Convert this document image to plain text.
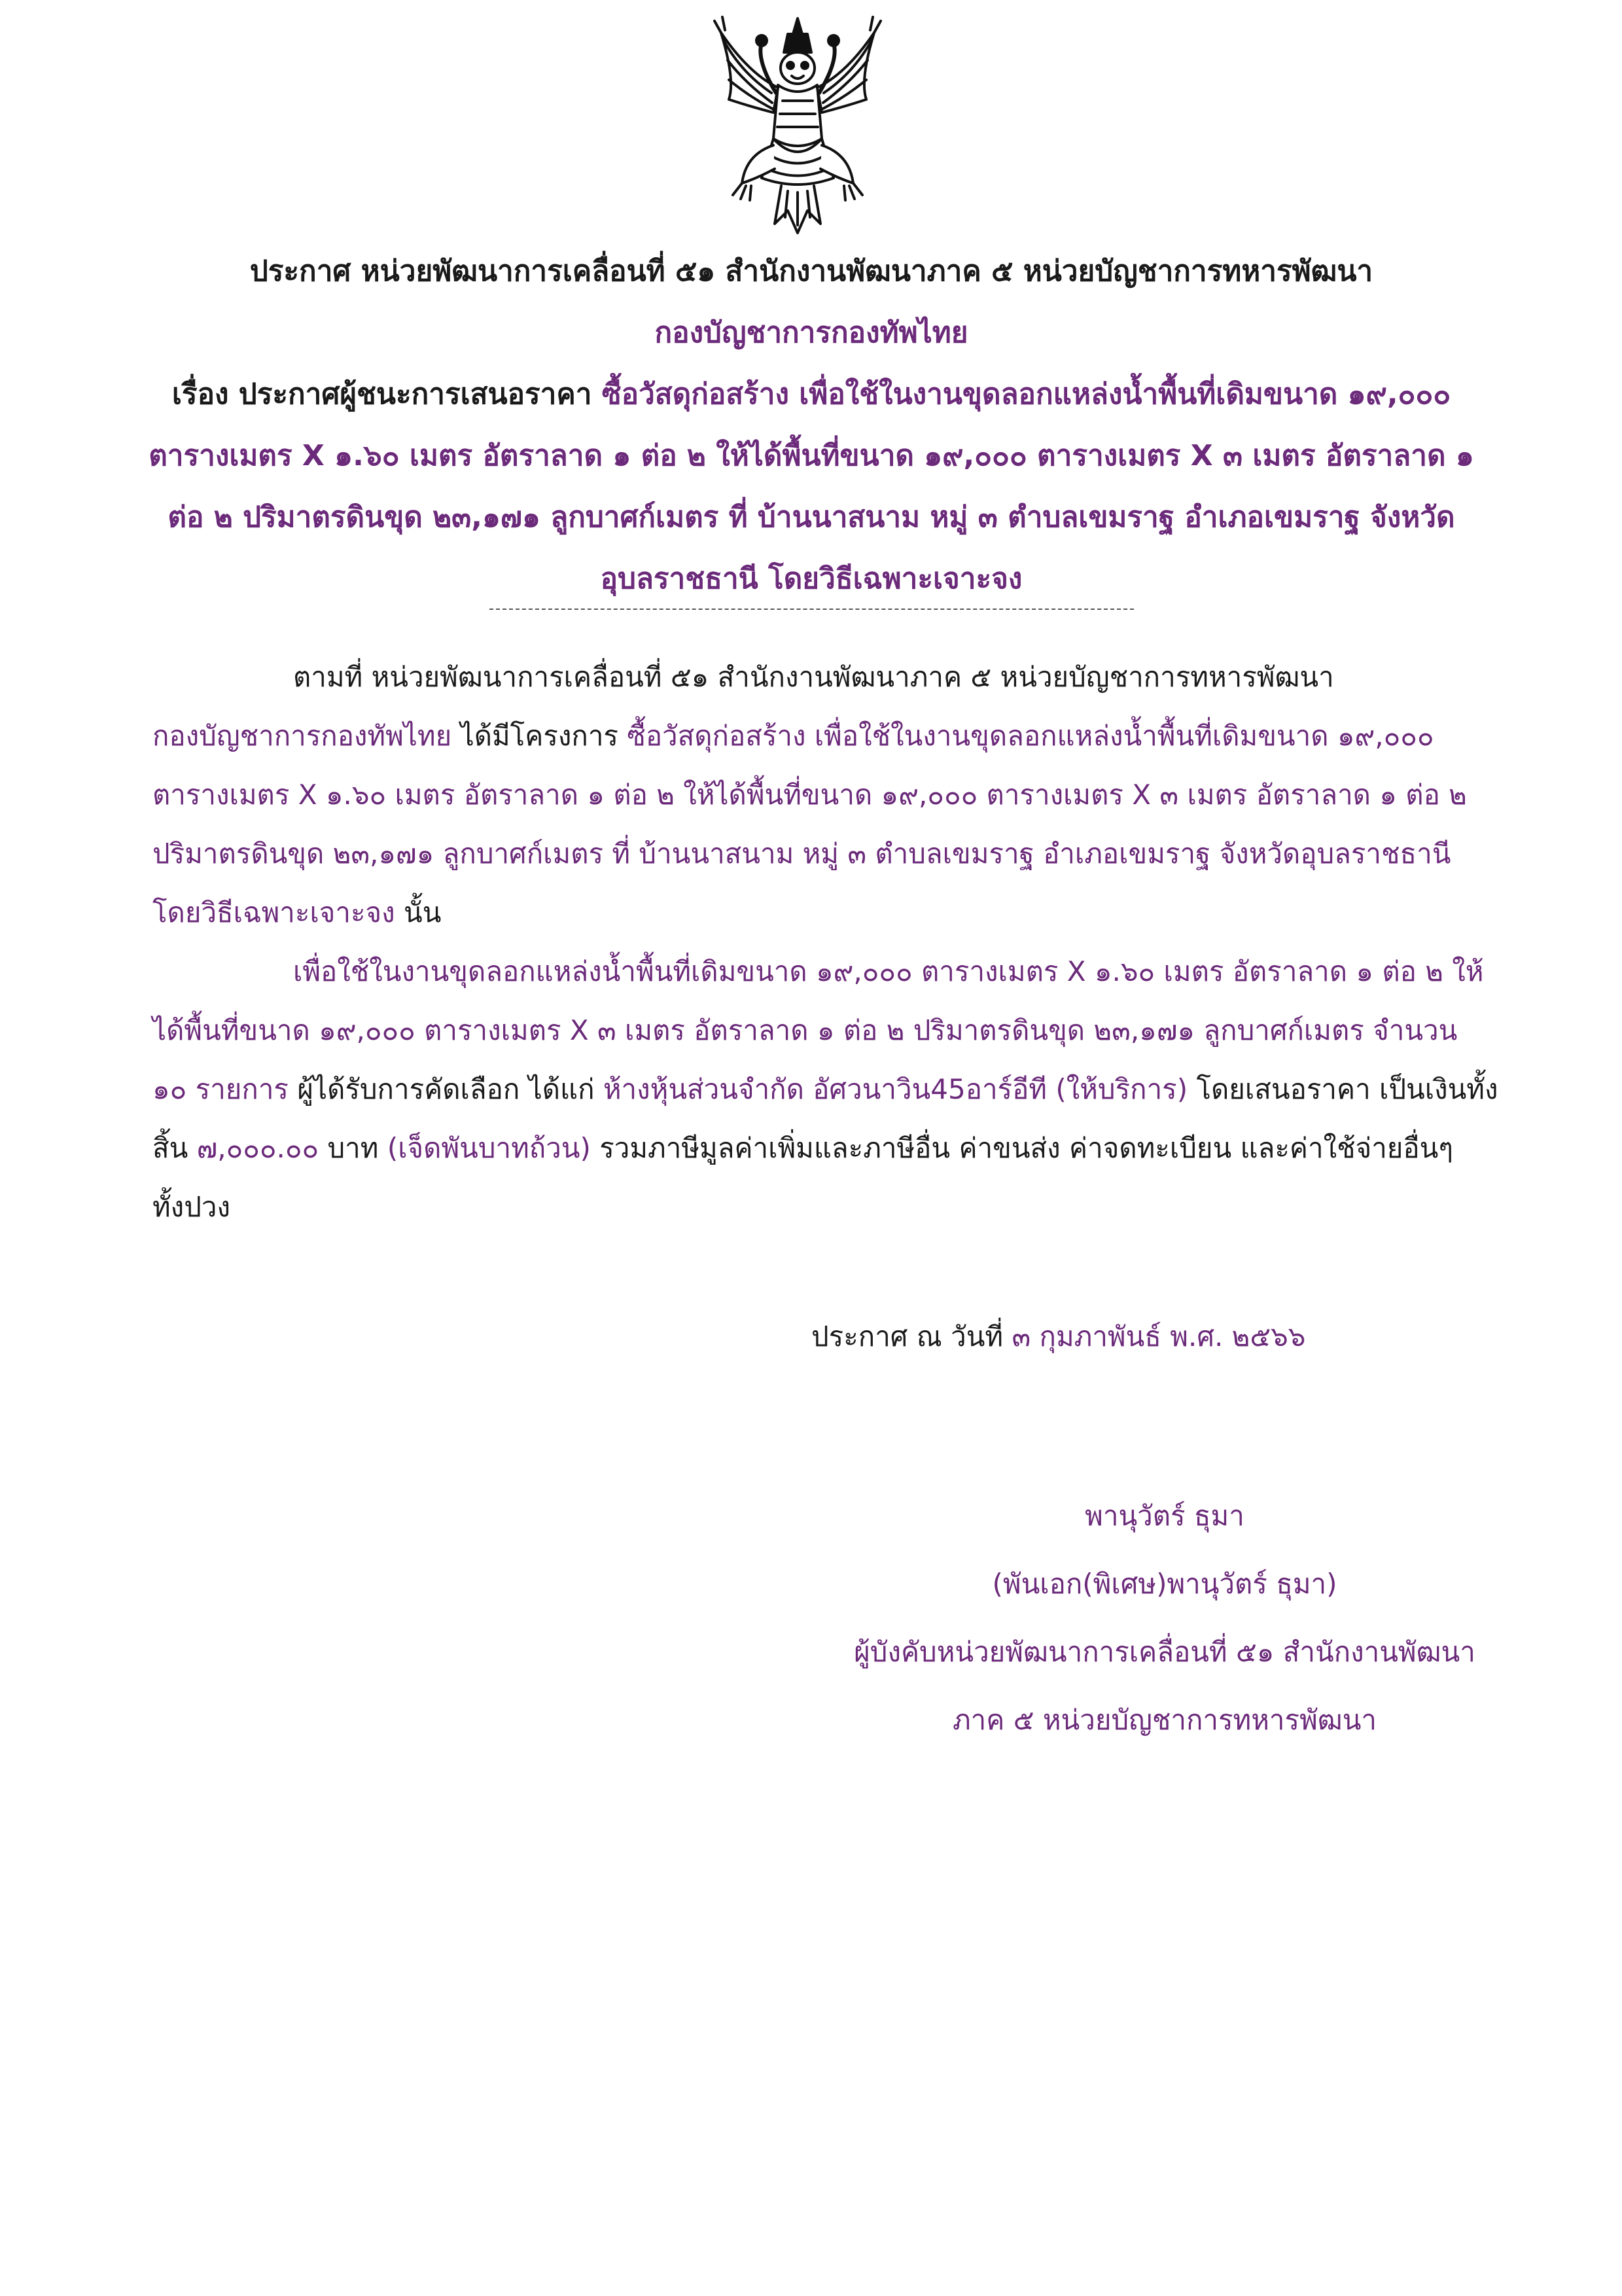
ประกาศ หน่วยพัฒนาการเคลื่อนที่ ๕๑ สำนักงานพัฒนาภาค ๕ หน่วยบัญชาการทหารพัฒนา
กองบัญชาการกองทัพไทย
เรื่อง ประกาศผู้ชนะการเสนอราคา ซื้อวัสดุก่อสร้าง เพื่อใช้ในงานขุดลอกแหล่งน้ำพื้นที่เดิมขนาด ๑๙,๐๐๐
ตารางเมตร X ๑.๖๐ เมตร อัตราลาด ๑ ต่อ ๒ ให้ได้พื้นที่ขนาด ๑๙,๐๐๐ ตารางเมตร X ๓ เมตร อัตราลาด ๑
ต่อ ๒ ปริมาตรดินขุด ๒๓,๑๗๑ ลูกบาศก์เมตร ที่ บ้านนาสนาม หมู่ ๓ ตำบลเขมราฐ อำเภอเขมราฐ จังหวัด
อุบลราชธานี โดยวิธีเฉพาะเจาะจง
ตามที่ หน่วยพัฒนาการเคลื่อนที่ ๕๑ สำนักงานพัฒนาภาค ๕ หน่วยบัญชาการทหารพัฒนา
กองบัญชาการกองทัพไทย ได้มีโครงการ ซื้อวัสดุก่อสร้าง เพื่อใช้ในงานขุดลอกแหล่งน้ำพื้นที่เดิมขนาด ๑๙,๐๐๐
ตารางเมตร X ๑.๖๐ เมตร อัตราลาด ๑ ต่อ ๒ ให้ได้พื้นที่ขนาด ๑๙,๐๐๐ ตารางเมตร X ๓ เมตร อัตราลาด ๑ ต่อ ๒
ปริมาตรดินขุด ๒๓,๑๗๑ ลูกบาศก์เมตร ที่ บ้านนาสนาม หมู่ ๓ ตำบลเขมราฐ อำเภอเขมราฐ จังหวัดอุบลราชธานี
โดยวิธีเฉพาะเจาะจง นั้น
เพื่อใช้ในงานขุดลอกแหล่งน้ำพื้นที่เดิมขนาด ๑๙,๐๐๐ ตารางเมตร X ๑.๖๐ เมตร อัตราลาด ๑ ต่อ ๒ ให้
ได้พื้นที่ขนาด ๑๙,๐๐๐ ตารางเมตร X ๓ เมตร อัตราลาด ๑ ต่อ ๒ ปริมาตรดินขุด ๒๓,๑๗๑ ลูกบาศก์เมตร จำนวน
๑๐ รายการ ผู้ได้รับการคัดเลือก ได้แก่ ห้างหุ้นส่วนจำกัด อัศวนาวิน45อาร์อีที (ให้บริการ) โดยเสนอราคา เป็นเงินทั้ง
สิ้น ๗,๐๐๐.๐๐ บาท (เจ็ดพันบาทถ้วน) รวมภาษีมูลค่าเพิ่มและภาษีอื่น ค่าขนส่ง ค่าจดทะเบียน และค่าใช้จ่ายอื่นๆ
ทั้งปวง
ประกาศ ณ วันที่ ๓ กุมภาพันธ์ พ.ศ. ๒๕๖๖
พานุวัตร์ ธุมา
(พันเอก(พิเศษ)พานุวัตร์ ธุมา)
ผู้บังคับหน่วยพัฒนาการเคลื่อนที่ ๕๑ สำนักงานพัฒนา
ภาค ๕ หน่วยบัญชาการทหารพัฒนา
